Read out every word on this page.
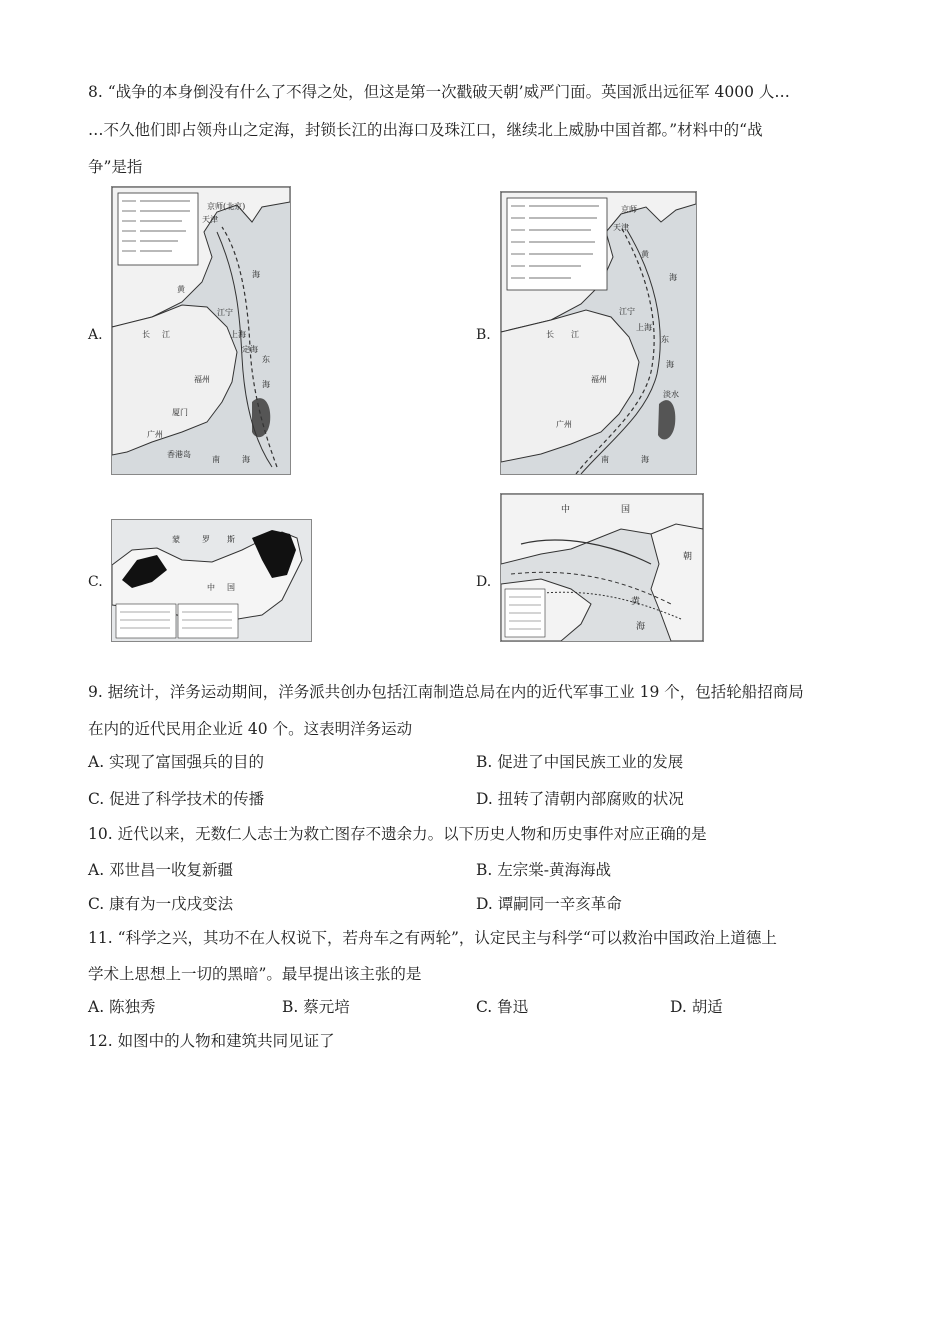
8. “战争的本身倒没有什么了不得之处，但这是第一次戳破天朝’威严门面。英国派出远征军 4000 人…
…不久他们即占领舟山之定海，封锁长江的出海口及珠江口，继续北上威胁中国首都。”材料中的“战
争”是指
A.
京师(北京)
天津
黄
海
长 江
江宁
上海
定海
东
海
福州
厦门
广州
香港岛
南	海
B.
京师
天津
黄
海
江宁
上海
长 江
东
海
福州
广州
南	海
淡水
C.
蒙	罗 斯
中 国	D.
中	国
朝
黄
海
9. 据统计，洋务运动期间，洋务派共创办包括江南制造总局在内的近代军事工业 19 个，包括轮船招商局
在内的近代民用企业近 40 个。这表明洋务运动
A. 实现了富国强兵的目的	B. 促进了中国民族工业的发展
C. 促进了科学技术的传播	D. 扭转了清朝内部腐败的状况
10. 近代以来，无数仁人志士为救亡图存不遗余力。以下历史人物和历史事件对应正确的是
A. 邓世昌一收复新疆	B. 左宗棠-黄海海战
C. 康有为一戊戌变法	D. 谭嗣同一辛亥革命
11. “科学之兴，其功不在人权说下，若舟车之有两轮”，认定民主与科学“可以救治中国政治上道德上
学术上思想上一切的黑暗”。最早提出该主张的是
A. 陈独秀	B. 蔡元培	C. 鲁迅	D. 胡适
12. 如图中的人物和建筑共同见证了
